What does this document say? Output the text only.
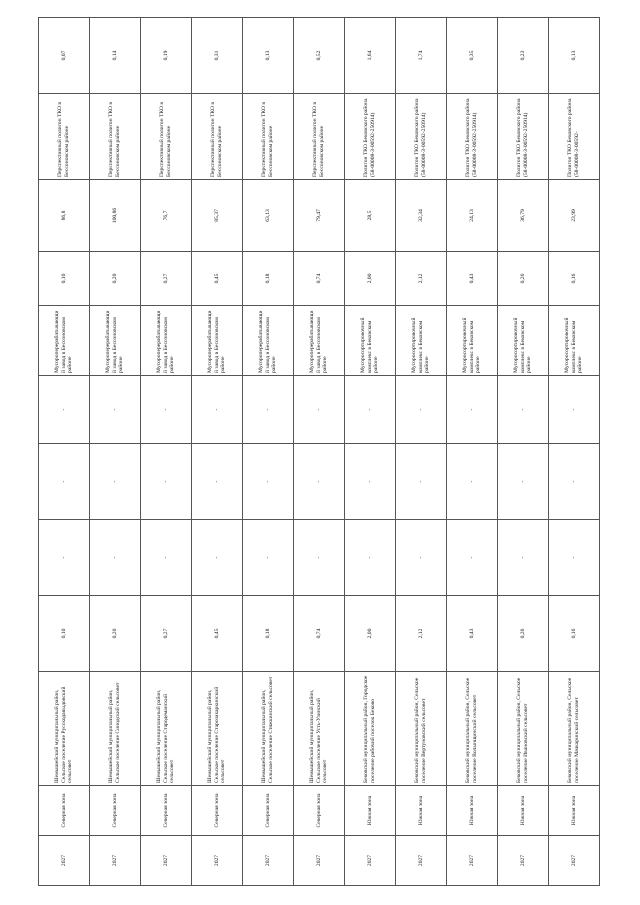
2027	Северная зона	Шемышейский муниципальный район, Сельское поселение Русскодавыдовский сельсовет	0,10	-	-	-	Мусороперерабатывающий завод в Бессоновском районе	0,10	86,8	Перспективный полигон ТКО в Бессоновском районе	0,07	
2027	Северная зона	Шемышейский муниципальный район, Сельское поселение Синодский сельсовет	0,20	-	-	-	Мусороперерабатывающий завод в Бессоновском районе	0,20	100,86	Перспективный полигон ТКО в Бессоновском районе	0,14	
2027	Северная зона	Шемышейский муниципальный район, Сельское поселение Стародеманский сельсовет	0,27	-	-	-	Мусороперерабатывающий завод в Бессоновском районе	0,27	76,7	Перспективный полигон ТКО в Бессоновском районе	0,19	
2027	Северная зона	Шемышейский муниципальный район, Сельское поселение Старозахаркинский сельсовет	0,45	-	-	-	Мусороперерабатывающий завод в Бессоновском районе	0,45	85,37	Перспективный полигон ТКО в Бессоновском районе	0,31	
2027	Северная зона	Шемышейский муниципальный район, Сельское поселение Стяжкинский сельсовет	0,18	-	-	-	Мусороперерабатывающий завод в Бессоновском районе	0,18	63,13	Перспективный полигон ТКО в Бессоновском районе	0,13	
2027	Северная зона	Шемышейский муниципальный район, Сельское поселение Усть-Узинский сельсовет	0,74	-	-	-	Мусороперерабатывающий завод в Бессоновском районе	0,74	79,47	Перспективный полигон ТКО в Бессоновском районе	0,52	
2027	Южная зона	Бековский муниципальный район, Городское поселение рабочий поселок Беково	2,00	-	-	-	Мусоросортировочный комплекс в Бековском районе	2,00	28,5	Полигон ТКО Бековского района (58-00008-З-00592-250914)	1,64	
2027	Южная зона	Бековский муниципальный район, Сельское поселение Вертуновский сельсовет	2,12	-	-	-	Мусоросортировочный комплекс в Бековском районе	2,12	32,34	Полигон ТКО Бековского района (58-00008-З-00592-250914)	1,74	
2027	Южная зона	Бековский муниципальный район, Сельское поселение Волынщинский сельсовет	0,43	-	-	-	Мусоросортировочный комплекс в Бековском районе	0,43	24,13	Полигон ТКО Бековского района (58-00008-З-00592-250914)	0,35	
2027	Южная зона	Бековский муниципальный район, Сельское поселение Ивановский сельсовет	0,26	-	-	-	Мусоросортировочный комплекс в Бековском районе	0,26	36,79	Полигон ТКО Бековского района (58-00008-З-00592-250914)	0,23	
2027	Южная зона	Бековский муниципальный район, Сельское поселение Мачкаринский сельсовет	0,16	-	-	-	Мусоросортировочный комплекс в Бековском районе	0,16	23,99	Полигон ТКО Бековского района (58-00008-З-00592-	0,13	
